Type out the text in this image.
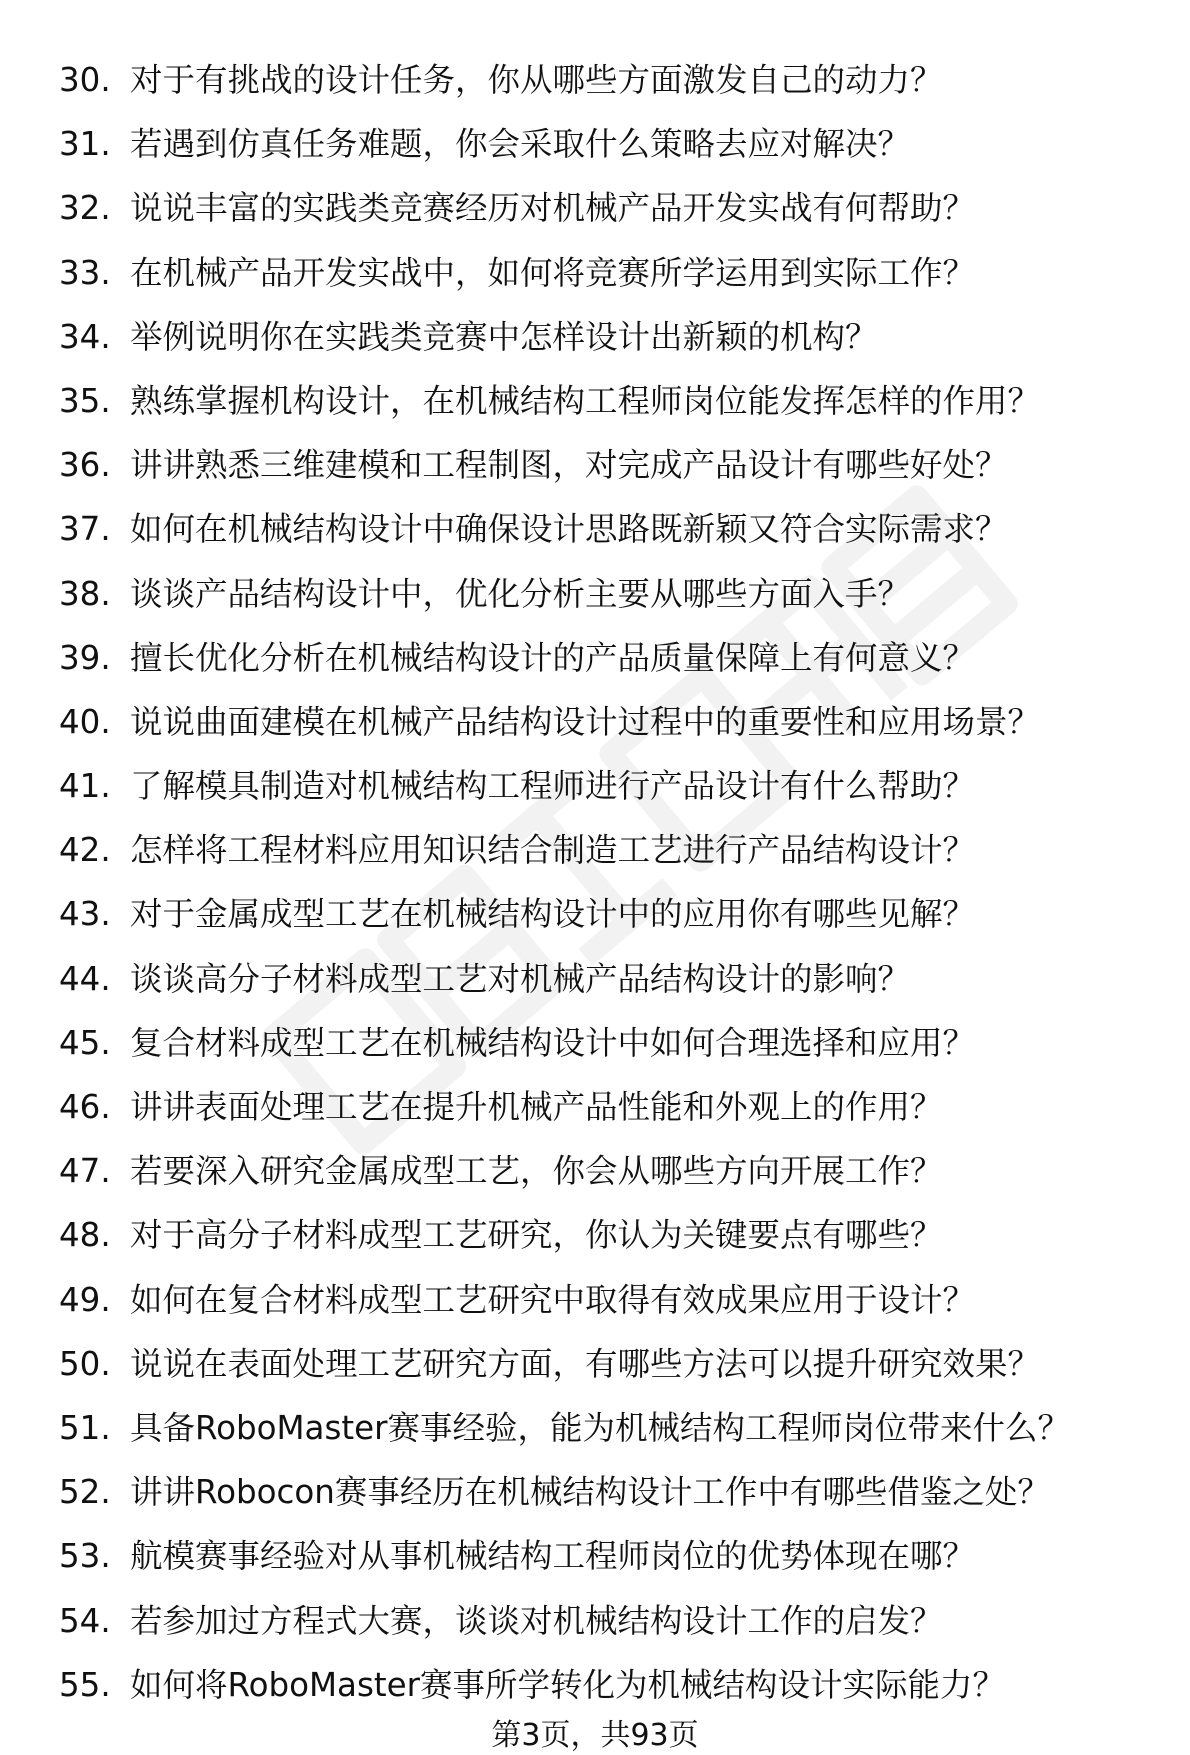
30. 对于有挑战的设计任务，你从哪些方面激发自己的动力？
31. 若遇到仿真任务难题，你会采取什么策略去应对解决？
32. 说说丰富的实践类竞赛经历对机械产品开发实战有何帮助？
33. 在机械产品开发实战中，如何将竞赛所学运用到实际工作？
34. 举例说明你在实践类竞赛中怎样设计出新颖的机构？
35. 熟练掌握机构设计，在机械结构工程师岗位能发挥怎样的作用？
36. 讲讲熟悉三维建模和工程制图，对完成产品设计有哪些好处？
37. 如何在机械结构设计中确保设计思路既新颖又符合实际需求？
38. 谈谈产品结构设计中，优化分析主要从哪些方面入手？
39. 擅长优化分析在机械结构设计的产品质量保障上有何意义？
40. 说说曲面建模在机械产品结构设计过程中的重要性和应用场景？
41. 了解模具制造对机械结构工程师进行产品设计有什么帮助？
42. 怎样将工程材料应用知识结合制造工艺进行产品结构设计？
43. 对于金属成型工艺在机械结构设计中的应用你有哪些见解？
44. 谈谈高分子材料成型工艺对机械产品结构设计的影响？
45. 复合材料成型工艺在机械结构设计中如何合理选择和应用？
46. 讲讲表面处理工艺在提升机械产品性能和外观上的作用？
47. 若要深入研究金属成型工艺，你会从哪些方向开展工作？
48. 对于高分子材料成型工艺研究，你认为关键要点有哪些？
49. 如何在复合材料成型工艺研究中取得有效成果应用于设计？
50. 说说在表面处理工艺研究方面，有哪些方法可以提升研究效果？
51. 具备RoboMaster赛事经验，能为机械结构工程师岗位带来什么？
52. 讲讲Robocon赛事经历在机械结构设计工作中有哪些借鉴之处？
53. 航模赛事经验对从事机械结构工程师岗位的优势体现在哪？
54. 若参加过方程式大赛，谈谈对机械结构设计工作的启发？
55. 如何将RoboMaster赛事所学转化为机械结构设计实际能力？
第3页，共93页
